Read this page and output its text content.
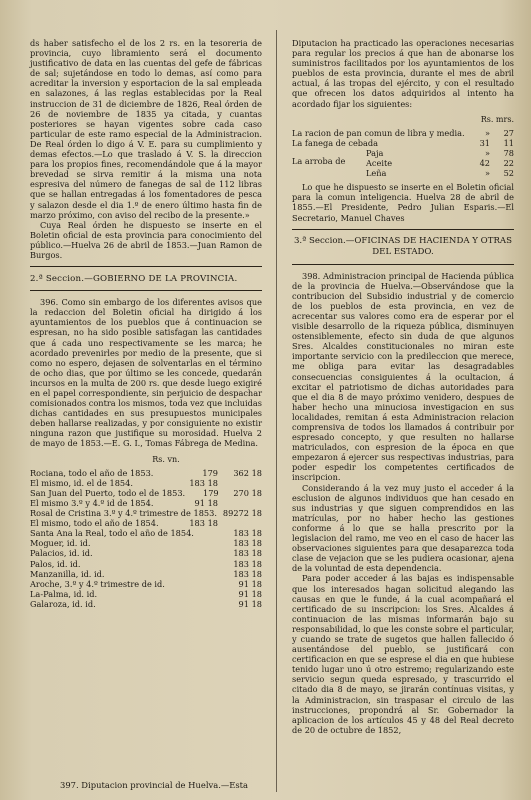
ds haber satisfecho el de los 2 rs. en la tesoreria de provincia, cuyo libramiento será el documento justificativo de data en las cuentas del gefe de fábricas de sal; sujetándose en todo lo demas, así como para acreditar la inversion y esportacion de la sal empleada en salazones, á las reglas establecidas por la Real instruccion de 31 de diciembre de 1826, Real órden de 26 de noviembre de 1835 ya citada, y cuantas posteriores se hayan vigentes sobre cada caso particular de este ramo especial de la Administracion. De Real órden lo digo á V. E. para su cumplimiento y demas efectos.—Lo que traslado á V. S. la direccion para los propios fines, recomendándole que á la mayor brevedad se sirva remitir á la misma una nota espresiva del número de fanegas de sal de 112 libras que se hallan entregadas á los fomentadores de pesca y salazon desde el dia 1.º de enero último hasta fin de marzo próximo, con aviso del recibo de la presente.»

Cuya Real órden he dispuesto se inserte en el Boletin oficial de esta provincia para conocimiento del público.—Huelva 26 de abril de 1853.—Juan Ramon de Burgos.

2.ª Seccion.—GOBIERNO DE LA PROVINCIA.

396. Como sin embargo de los diferentes avisos que la redaccion del Boletin oficial ha dirigido á los ayuntamientos de los pueblos que á continuacion se espresan, no ha sido posible satisfagan las cantidades que á cada uno respectivamente se les marca; he acordado prevenirles por medio de la presente, que si como no espero, dejasen de solventarlas en el término de ocho dias, que por último se les concede, quedarán incursos en la multa de 200 rs. que desde luego exigiré en el papel correspondiente, sin perjuicio de despachar comisionados contra los mismos, toda vez que incluidas dichas cantidades en sus presupuestos municipales deben hallarse realizadas, y por consiguiente no existir ninguna razon que justifique su morosidad. Huelva 2 de mayo de 1853.—E. G. I., Tomas Fábrega de Medina.

Rs. vn.
Rociana, todo el año de 1853.	179	362 18
El mismo, id. el de 1854.	183 18
San Juan del Puerto, todo el de 1853.	179	270 18
El mismo 3.º y 4.º id de 1854.	91 18
Rosal de Cristina 3.º y 4.º trimestre de 1853. 89 272 18
El mismo, todo el año de 1854.	183 18
Santa Ana la Real, todo el año de 1854.	183 18
Moguer, id. id.	183 18
Palacios, id. id.	183 18
Palos, id. id.	183 18
Manzanilla, id. id.	183 18
Aroche, 3.º y 4.º trimestre de id.	91 18
La-Palma, id. id.	91 18
Galaroza, id. id.	91 18
397. Diputacion provincial de Huelva.—Esta

Diputacion ha practicado las operaciones necesarias para regular los precios á que han de abonarse los suministros facilitados por los ayuntamientos de los pueblos de esta provincia, durante el mes de abril actual, á las tropas del ejército, y con el resultado que ofrecen los datos adquiridos al intento ha acordado fijar los siguientes:

Rs. mrs.
La racion de pan comun de libra y media.	»	27
La fanega de cebada	31	11
Paja	»	78
La arroba de	Aceite	42	22
Leña	»	52

Lo que he dispuesto se inserte en el Boletin oficial para la comun inteligencia. Huelva 28 de abril de 1855.—El Presidente, Pedro Julian Esparis.—El Secretario, Manuel Chaves

3.ª Seccion.—OFICINAS DE HACIENDA Y OTRAS DEL ESTADO.

398. Administracion principal de Hacienda pública de la provincia de Huelva.—Observándose que la contribucion del Subsidio industrial y de comercio de los pueblos de esta provincia, en vez de acrecentar sus valores como era de esperar por el visible desarrollo de la riqueza pública, disminuyen ostensiblemente, efecto sin duda de que algunos Sres. Alcaldes constitucionales no miran este importante servicio con la predileccion que merece, me obliga para evitar las desagradables consecuencias consiguientes á la ocultacion, á excitar el patriotismo de dichas autoridades para que el dia 8 de mayo próximo venidero, despues de haber hecho una minuciosa investigacion en sus localidades, remitan á esta Administracion relacion comprensiva de todos los llamados á contribuir por espresado concepto, y que resulten no hallarse matriculados, con espresion de la época en que empezaron á ejercer sus respectivas industrias, para poder espedir los competentes certificados de inscripcion.

Considerando á la vez muy justo el acceder á la esclusion de algunos individuos que han cesado en sus industrias y que siguen comprendidos en las matrículas, por no haber hecho las gestiones conforme á lo que se halla prescrito por la legislacion del ramo, me veo en el caso de hacer las observaciones siguientes para que desaparezca toda clase de vejacion que se les pudiera ocasionar, ajena de la voluntad de esta dependencia.

Para poder acceder á las bajas es indispensable que los interesados hagan solicitud alegando las causas en que le funde, á la cual acompañará el certificado de su inscripcion: los Sres. Alcaldes á continuacion de las mismas informarán bajo su responsabilidad, lo que les conste sobre el particular, y cuando se trate de sugetos que hallen fallecido ó ausentándose del pueblo, se justificará con certificacion en que se esprese el dia en que hubiese tenido lugar uno ú otro estremo; regularizando este servicio segun queda espresado, y trascurrido el citado dia 8 de mayo, se jirarán contínuas visitas, y la Administracion, sin traspasar el circulo de las instrucciones, propondrá al Sr. Gobernador la aplicacion de los artículos 45 y 48 del Real decreto de 20 de octubre de 1852,
